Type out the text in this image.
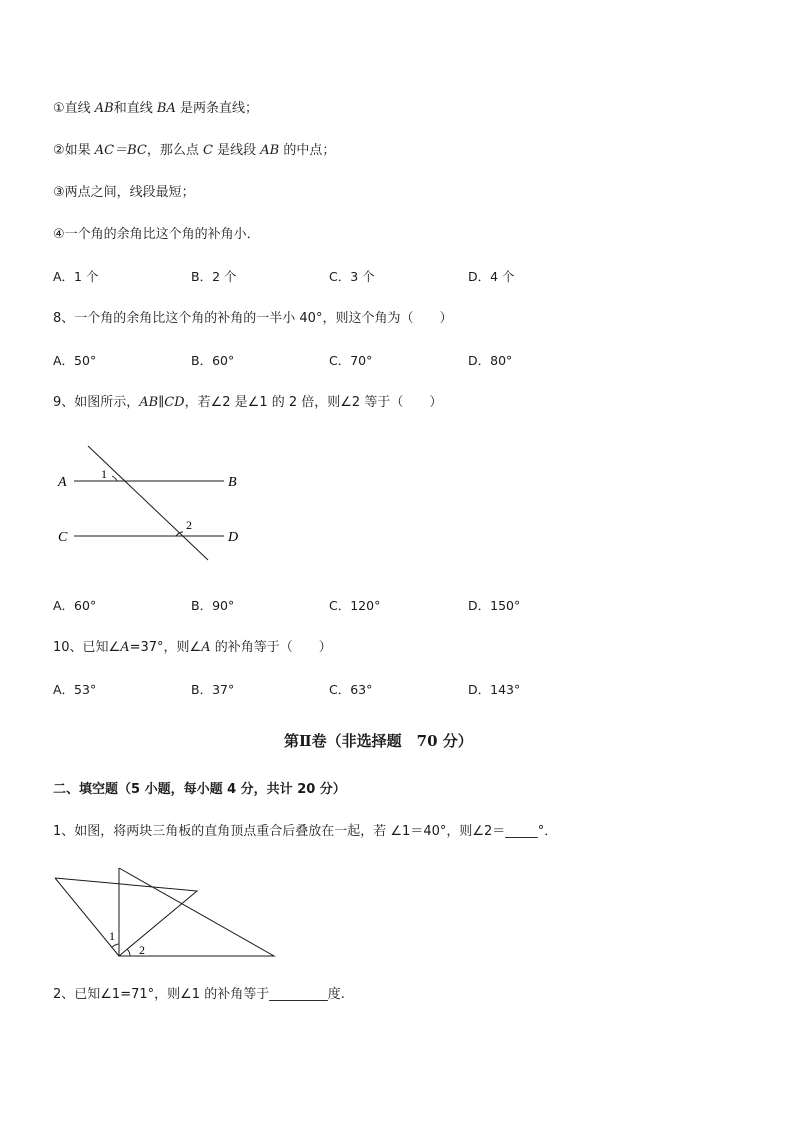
①直线 AB和直线 BA 是两条直线；
②如果 AC＝BC，那么点 C 是线段 AB 的中点；
③两点之间，线段最短；
④一个角的余角比这个角的补角小．
A．1 个	B．2 个	C．3 个	D．4 个
8、一个角的余角比这个角的补角的一半小 40°，则这个角为（　　）
A．50°	B．60°	C．70°	D．80°
9、如图所示，AB∥CD，若∠2 是∠1 的 2 倍，则∠2 等于（　　）
A	B
C	D
1
2
A．60°	B．90°	C．120°	D．150°
10、已知∠A=37°，则∠A 的补角等于（　　）
A．53°	B．37°	C．63°	D．143°
第Ⅱ卷（非选择题　70 分）
二、填空题（5 小题，每小题 4 分，共计 20 分）
1、如图，将两块三角板的直角顶点重合后叠放在一起，若 ∠1＝40°，则∠2＝_____°．
1
2
2、已知∠1=71°，则∠1 的补角等于_________度.
